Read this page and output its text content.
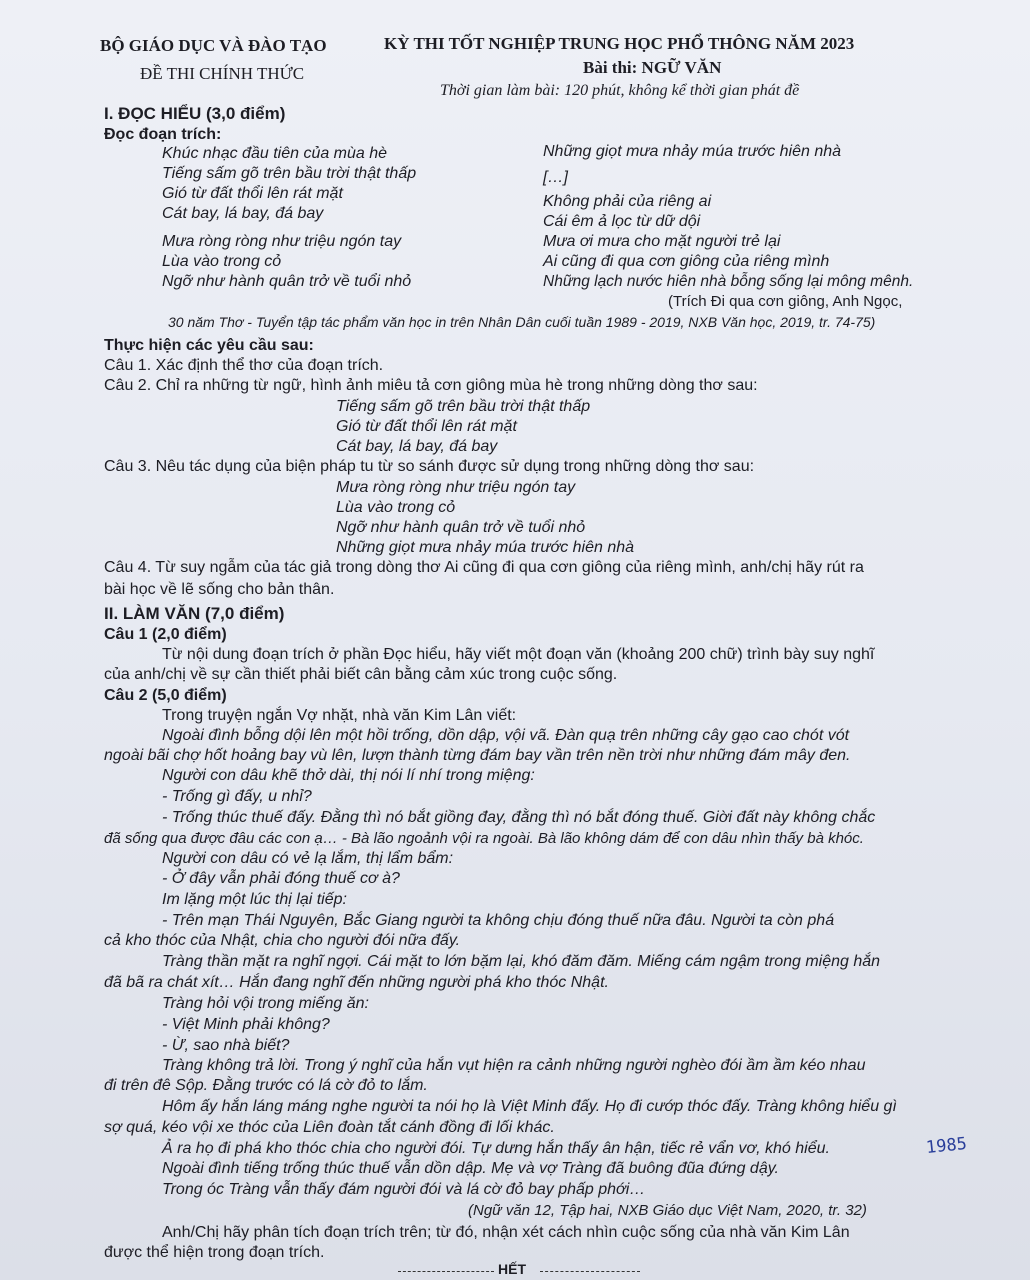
BỘ GIÁO DỤC VÀ ĐÀO TẠO
ĐỀ THI CHÍNH THỨC
KỲ THI TỐT NGHIỆP TRUNG HỌC PHỔ THÔNG NĂM 2023
Bài thi: NGỮ VĂN
Thời gian làm bài: 120 phút, không kể thời gian phát đề
I. ĐỌC HIỂU (3,0 điểm)
Đọc đoạn trích:
Khúc nhạc đầu tiên của mùa hè
Tiếng sấm gõ trên bầu trời thật thấp
Gió từ đất thổi lên rát mặt
Cát bay, lá bay, đá bay
Mưa ròng ròng như triệu ngón tay
Lùa vào trong cỏ
Ngỡ như hành quân trở về tuổi nhỏ
Những giọt mưa nhảy múa trước hiên nhà
[…]
Không phải của riêng ai
Cái êm ả lọc từ dữ dội
Mưa ơi mưa cho mặt người trẻ lại
Ai cũng đi qua cơn giông của riêng mình
Những lạch nước hiên nhà bỗng sống lại mông mênh.
(Trích Đi qua cơn giông, Anh Ngọc,
30 năm Thơ - Tuyển tập tác phẩm văn học in trên Nhân Dân cuối tuần 1989 - 2019, NXB Văn học, 2019, tr. 74-75)
Thực hiện các yêu cầu sau:
Câu 1. Xác định thể thơ của đoạn trích.
Câu 2. Chỉ ra những từ ngữ, hình ảnh miêu tả cơn giông mùa hè trong những dòng thơ sau:
Tiếng sấm gõ trên bầu trời thật thấp
Gió từ đất thổi lên rát mặt
Cát bay, lá bay, đá bay
Câu 3. Nêu tác dụng của biện pháp tu từ so sánh được sử dụng trong những dòng thơ sau:
Mưa ròng ròng như triệu ngón tay
Lùa vào trong cỏ
Ngỡ như hành quân trở về tuổi nhỏ
Những giọt mưa nhảy múa trước hiên nhà
Câu 4. Từ suy ngẫm của tác giả trong dòng thơ Ai cũng đi qua cơn giông của riêng mình, anh/chị hãy rút ra
bài học về lẽ sống cho bản thân.
II. LÀM VĂN (7,0 điểm)
Câu 1 (2,0 điểm)
Từ nội dung đoạn trích ở phần Đọc hiểu, hãy viết một đoạn văn (khoảng 200 chữ) trình bày suy nghĩ
của anh/chị về sự cần thiết phải biết cân bằng cảm xúc trong cuộc sống.
Câu 2 (5,0 điểm)
Trong truyện ngắn Vợ nhặt, nhà văn Kim Lân viết:
Ngoài đình bỗng dội lên một hồi trống, dồn dập, vội vã. Đàn quạ trên những cây gạo cao chót vót
ngoài bãi chợ hốt hoảng bay vù lên, lượn thành từng đám bay vần trên nền trời như những đám mây đen.
Người con dâu khẽ thở dài, thị nói lí nhí trong miệng:
- Trống gì đấy, u nhỉ?
- Trống thúc thuế đấy. Đằng thì nó bắt giồng đay, đằng thì nó bắt đóng thuế. Giời đất này không chắc
đã sống qua được đâu các con ạ… - Bà lão ngoảnh vội ra ngoài. Bà lão không dám để con dâu nhìn thấy bà khóc.
Người con dâu có vẻ lạ lắm, thị lẩm bẩm:
- Ở đây vẫn phải đóng thuế cơ à?
Im lặng một lúc thị lại tiếp:
- Trên mạn Thái Nguyên, Bắc Giang người ta không chịu đóng thuế nữa đâu. Người ta còn phá
cả kho thóc của Nhật, chia cho người đói nữa đấy.
Tràng thần mặt ra nghĩ ngợi. Cái mặt to lớn bặm lại, khó đăm đăm. Miếng cám ngậm trong miệng hắn
đã bã ra chát xít… Hắn đang nghĩ đến những người phá kho thóc Nhật.
Tràng hỏi vội trong miếng ăn:
- Việt Minh phải không?
- Ừ, sao nhà biết?
Tràng không trả lời. Trong ý nghĩ của hắn vụt hiện ra cảnh những người nghèo đói ầm ầm kéo nhau
đi trên đê Sộp. Đằng trước có lá cờ đỏ to lắm.
Hôm ấy hắn láng máng nghe người ta nói họ là Việt Minh đấy. Họ đi cướp thóc đấy. Tràng không hiểu gì
sợ quá, kéo vội xe thóc của Liên đoàn tắt cánh đồng đi lối khác.
Ả ra họ đi phá kho thóc chia cho người đói. Tự dưng hắn thấy ân hận, tiếc rẻ vẩn vơ, khó hiểu.
Ngoài đình tiếng trống thúc thuế vẫn dồn dập. Mẹ và vợ Tràng đã buông đũa đứng dậy.
Trong óc Tràng vẫn thấy đám người đói và lá cờ đỏ bay phấp phới…
(Ngữ văn 12, Tập hai, NXB Giáo dục Việt Nam, 2020, tr. 32)
Anh/Chị hãy phân tích đoạn trích trên; từ đó, nhận xét cách nhìn cuộc sống của nhà văn Kim Lân
được thể hiện trong đoạn trích.
1985
HẾT
